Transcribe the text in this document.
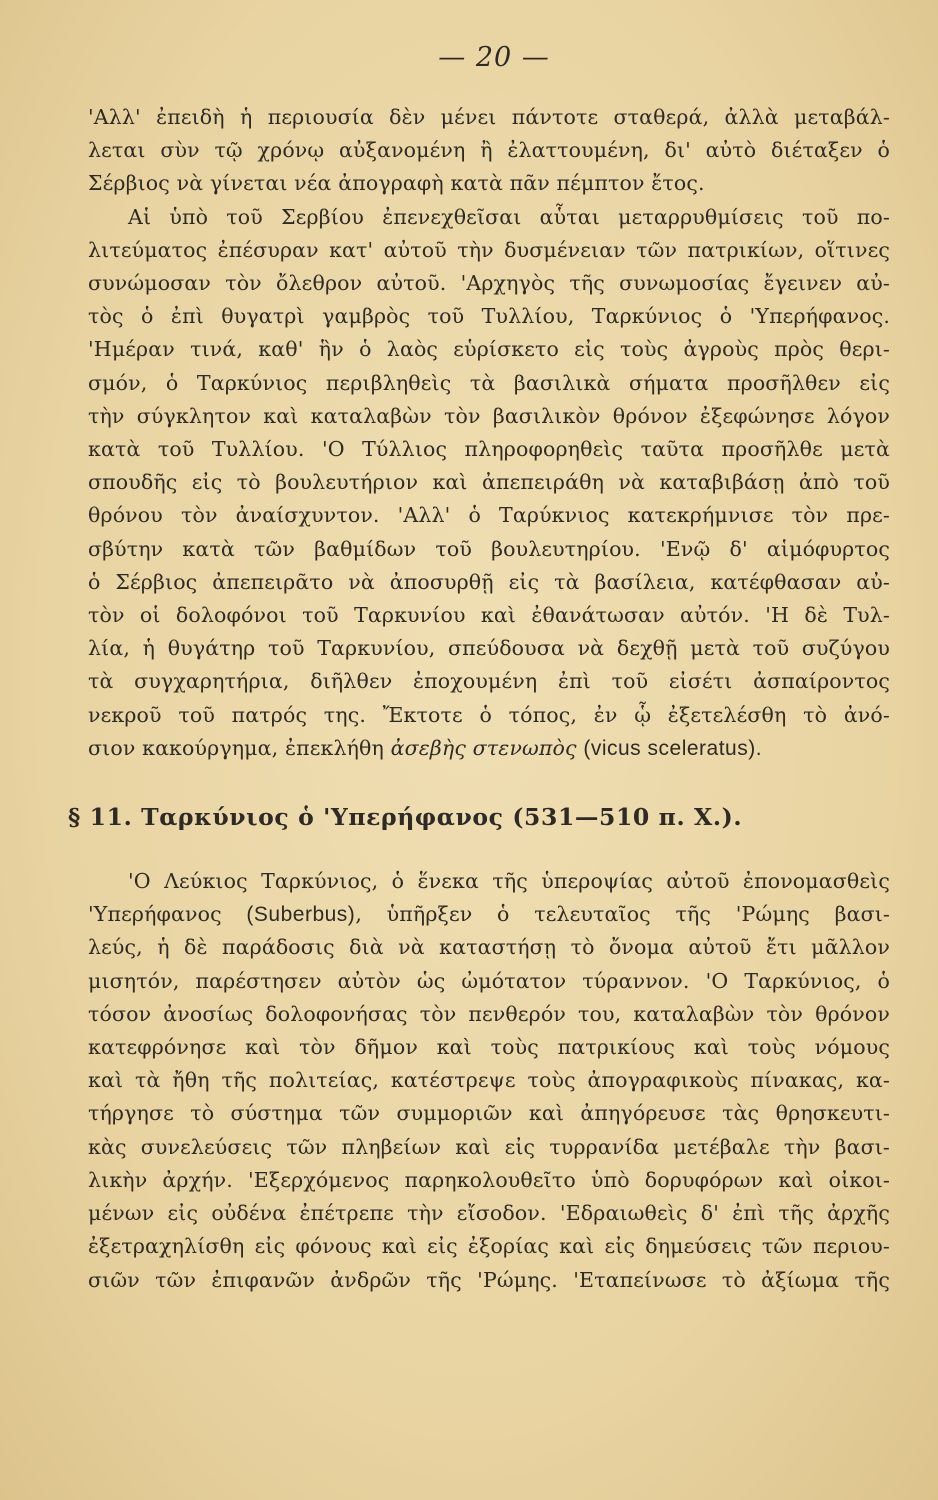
— 20 —

'Αλλ' ἐπειδὴ ἡ περιουσία δὲν μένει πάντοτε σταθερά, ἀλλὰ μεταβάλ-
λεται σὺν τῷ χρόνῳ αὐξανομένη ἢ ἐλαττουμένη, δι' αὐτὸ διέταξεν ὁ
Σέρβιος νὰ γίνεται νέα ἀπογραφὴ κατὰ πᾶν πέμπτον ἔτος.

Αἱ ὑπὸ τοῦ Σερβίου ἐπενεχθεῖσαι αὗται μεταρρυθμίσεις τοῦ πο-
λιτεύματος ἐπέσυραν κατ' αὐτοῦ τὴν δυσμένειαν τῶν πατρικίων, οἵτινες
συνώμοσαν τὸν ὄλεθρον αὐτοῦ. 'Αρχηγὸς τῆς συνωμοσίας ἔγεινεν αὐ-
τὸς ὁ ἐπὶ θυγατρὶ γαμβρὸς τοῦ Τυλλίου, Ταρκύνιος ὁ 'Υπερήφανος.
'Ημέραν τινά, καθ' ἣν ὁ λαὸς εὑρίσκετο εἰς τοὺς ἀγροὺς πρὸς θερι-
σμόν, ὁ Ταρκύνιος περιβληθεὶς τὰ βασιλικὰ σήματα προσῆλθεν εἰς
τὴν σύγκλητον καὶ καταλαβὼν τὸν βασιλικὸν θρόνον ἐξεφώνησε λόγον
κατὰ τοῦ Τυλλίου. 'Ο Τύλλιος πληροφορηθεὶς ταῦτα προσῆλθε μετὰ
σπουδῆς εἰς τὸ βουλευτήριον καὶ ἀπεπειράθη νὰ καταβιβάσῃ ἀπὸ τοῦ
θρόνου τὸν ἀναίσχυντον. 'Αλλ' ὁ Ταρύκνιος κατεκρήμνισε τὸν πρε-
σβύτην κατὰ τῶν βαθμίδων τοῦ βουλευτηρίου. 'Ενῷ δ' αἱμόφυρτος
ὁ Σέρβιος ἀπεπειρᾶτο νὰ ἀποσυρθῇ εἰς τὰ βασίλεια, κατέφθασαν αὐ-
τὸν οἱ δολοφόνοι τοῦ Ταρκυνίου καὶ ἐθανάτωσαν αὐτόν. 'Η δὲ Τυλ-
λία, ἡ θυγάτηρ τοῦ Ταρκυνίου, σπεύδουσα νὰ δεχθῇ μετὰ τοῦ συζύγου
τὰ συγχαρητήρια, διῆλθεν ἐποχουμένη ἐπὶ τοῦ εἰσέτι ἀσπαίροντος
νεκροῦ τοῦ πατρός της. Ἔκτοτε ὁ τόπος, ἐν ᾧ ἐξετελέσθη τὸ ἀνό-
σιον κακούργημα, ἐπεκλήθη ἀσεβὴς στενωπὸς (vicus sceleratus).

§ 11. Ταρκύνιος ὁ 'Υπερήφανος (531—510 π. Χ.).

'Ο Λεύκιος Ταρκύνιος, ὁ ἕνεκα τῆς ὑπεροψίας αὐτοῦ ἐπονομασθεὶς
'Υπερήφανος (Suberbus), ὑπῆρξεν ὁ τελευταῖος τῆς 'Ρώμης βασι-
λεύς, ἡ δὲ παράδοσις διὰ νὰ καταστήσῃ τὸ ὄνομα αὐτοῦ ἔτι μᾶλλον
μισητόν, παρέστησεν αὐτὸν ὡς ὠμότατον τύραννον. 'Ο Ταρκύνιος, ὁ
τόσον ἀνοσίως δολοφονήσας τὸν πενθερόν του, καταλαβὼν τὸν θρόνον
κατεφρόνησε καὶ τὸν δῆμον καὶ τοὺς πατρικίους καὶ τοὺς νόμους
καὶ τὰ ἤθη τῆς πολιτείας, κατέστρεψε τοὺς ἀπογραφικοὺς πίνακας, κα-
τήργησε τὸ σύστημα τῶν συμμοριῶν καὶ ἀπηγόρευσε τὰς θρησκευτι-
κὰς συνελεύσεις τῶν πληβείων καὶ εἰς τυρρανίδα μετέβαλε τὴν βασι-
λικὴν ἀρχήν. 'Εξερχόμενος παρηκολουθεῖτο ὑπὸ δορυφόρων καὶ οἰκοι-
μένων εἰς οὐδένα ἐπέτρεπε τὴν εἴσοδον. 'Εδραιωθεὶς δ' ἐπὶ τῆς ἀρχῆς
ἐξετραχηλίσθη εἰς φόνους καὶ εἰς ἐξορίας καὶ εἰς δημεύσεις τῶν περιου-
σιῶν τῶν ἐπιφανῶν ἀνδρῶν τῆς 'Ρώμης. 'Εταπείνωσε τὸ ἀξίωμα τῆς
